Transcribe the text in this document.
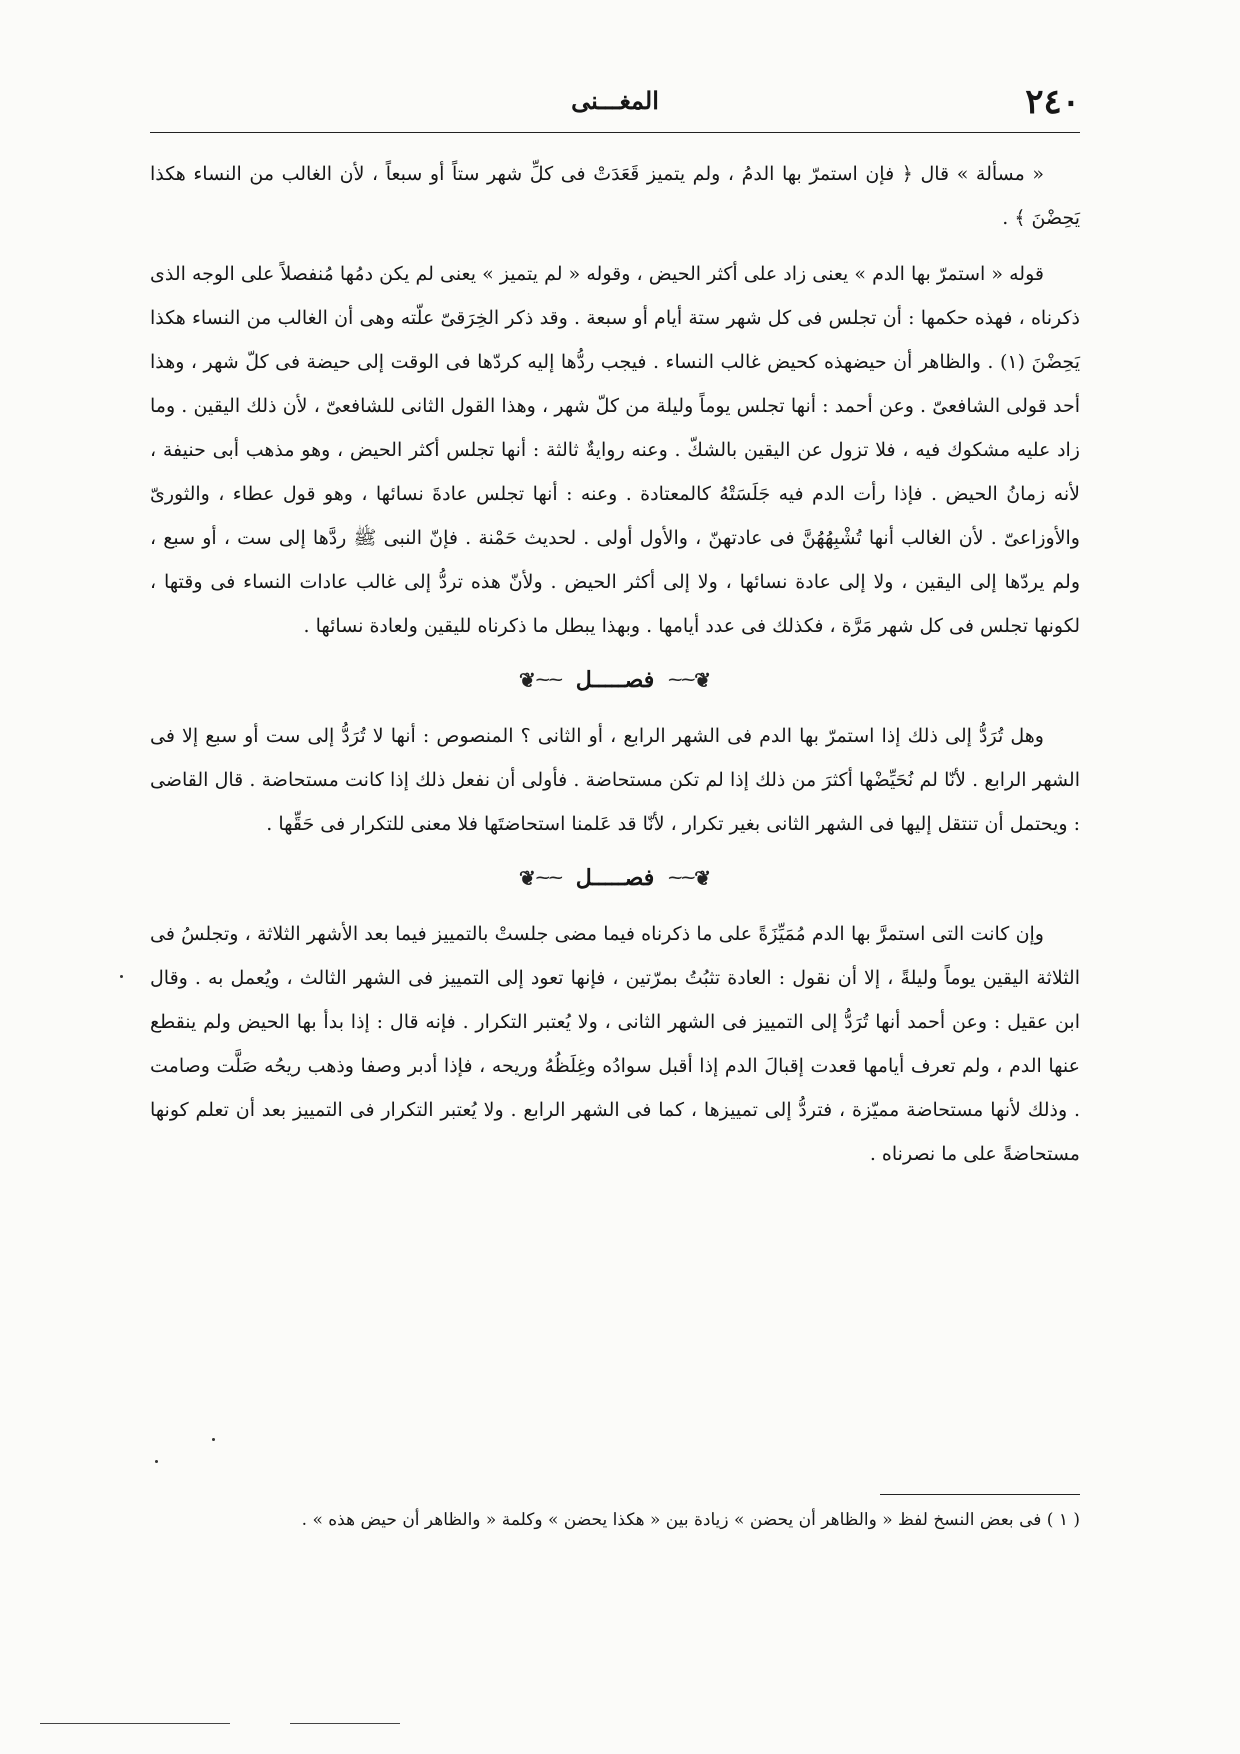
٢٤٠
المغـــنى

« مسألة » قال ﴿ فإن استمرّ بها الدمُ ، ولم يتميز قَعَدَتْ فى كلِّ شهر ستاً أو سبعاً ، لأن الغالب من النساء هكذا يَحِضْنَ ﴾ .

قوله « استمرّ بها الدم » يعنى زاد على أكثر الحيض ، وقوله « لم يتميز » يعنى لم يكن دمُها مُنفصلاً على الوجه الذى ذكرناه ، فهذه حكمها : أن تجلس فى كل شهر ستة أيام أو سبعة . وقد ذكر الخِرَقىّ علّته وهى أن الغالب من النساء هكذا يَحِضْنَ (١) . والظاهر أن حيضهذه كحيض غالب النساء . فيجب ردُّها إليه كردّها فى الوقت إلى حيضة فى كلّ شهر ، وهذا أحد قولى الشافعىّ . وعن أحمد : أنها تجلس يوماً وليلة من كلّ شهر ، وهذا القول الثانى للشافعىّ ، لأن ذلك اليقين . وما زاد عليه مشكوك فيه ، فلا تزول عن اليقين بالشكّ . وعنه روايةٌ ثالثة : أنها تجلس أكثر الحيض ، وهو مذهب أبى حنيفة ، لأنه زمانُ الحيض . فإذا رأت الدم فيه جَلَسَتْهُ كالمعتادة . وعنه : أنها تجلس عادةَ نسائها ، وهو قول عطاء ، والثورىّ والأوزاعىّ . لأن الغالب أنها تُشْبِهُهُنَّ فى عادتهنّ ، والأول أولى . لحديث حَمْنة . فإنّ النبى ﷺ ردَّها إلى ست ، أو سبع ، ولم يردّها إلى اليقين ، ولا إلى عادة نسائها ، ولا إلى أكثر الحيض . ولأنّ هذه تردُّ إلى غالب عادات النساء فى وقتها ، لكونها تجلس فى كل شهر مَرَّة ، فكذلك فى عدد أيامها . وبهذا يبطل ما ذكرناه لليقين ولعادة نسائها .

❦
⁓⁓
فصـــــل
⁓⁓
❦

وهل تُرَدُّ إلى ذلك إذا استمرّ بها الدم فى الشهر الرابع ، أو الثانى ؟ المنصوص : أنها لا تُرَدُّ إلى ست أو سبع إلا فى الشهر الرابع . لأنّا لم نُحَيِّضْها أكثرَ من ذلك إذا لم تكن مستحاضة . فأولى أن نفعل ذلك إذا كانت مستحاضة . قال القاضى : ويحتمل أن تنتقل إليها فى الشهر الثانى بغير تكرار ، لأنّا قد عَلمنا استحاضتَها فلا معنى للتكرار فى حَقِّها .

❦
⁓⁓
فصـــــل
⁓⁓
❦

وإن كانت التى استمرَّ بها الدم مُمَيِّزَةً على ما ذكرناه فيما مضى جلستْ بالتمييز فيما بعد الأشهر الثلاثة ، وتجلسُ فى الثلاثة اليقين يوماً وليلةً ، إلا أن نقول : العادة تثبُتُ بمرّتين ، فإنها تعود إلى التمييز فى الشهر الثالث ، ويُعمل به . وقال ابن عقيل : وعن أحمد أنها تُرَدُّ إلى التمييز فى الشهر الثانى ، ولا يُعتبر التكرار . فإنه قال : إذا بدأ بها الحيض ولم ينقطع عنها الدم ، ولم تعرف أيامها قعدت إقبالَ الدم إذا أقبل سوادُه وغِلَظُهُ وريحه ، فإذا أدبر وصفا وذهب ريحُه صَلَّت وصامت . وذلك لأنها مستحاضة مميّزة ، فتردُّ إلى تمييزها ، كما فى الشهر الرابع . ولا يُعتبر التكرار فى التمييز بعد أن تعلم كونها مستحاضةً على ما نصرناه .

( ١ ) فى بعض النسخ لفظ « والظاهر أن يحضن » زيادة بين « هكذا يحضن » وكلمة « والظاهر أن حيض هذه » .
